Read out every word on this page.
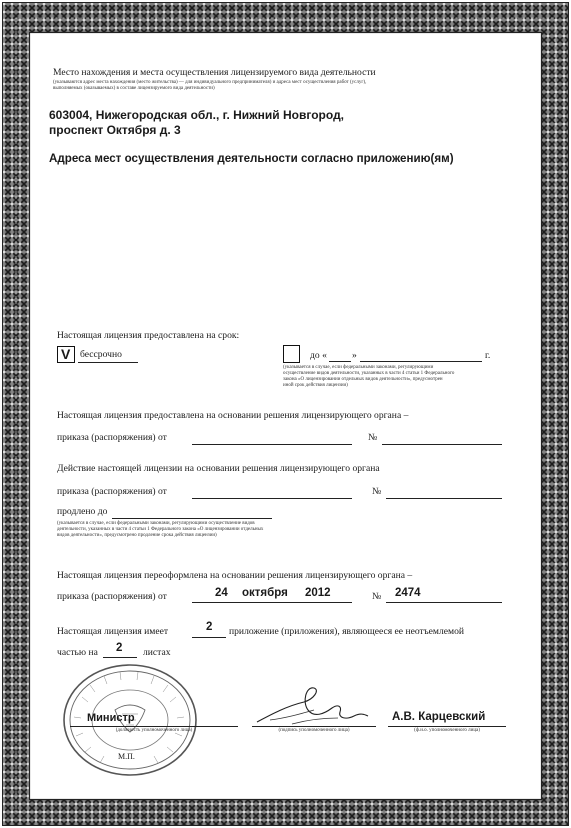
Место нахождения и места осуществления лицензируемого вида деятельности
(указываются адрес места нахождения (место жительства) — для индивидуального предпринимателя) и адреса мест осуществления работ (услуг),
выполняемых (оказываемых) в составе лицензируемого вида деятельности)
603004, Нижегородская обл., г. Нижний Новгород,
проспект Октября д. 3
Адреса мест осуществления деятельности согласно приложению(ям)
Настоящая лицензия предоставлена на срок:
V бессрочно	до «	»	г.
(указывается в случае, если федеральными законами, регулирующими
осуществление видов деятельности, указанных в части 4 статьи 1 Федерального
закона «О лицензировании отдельных видов деятельности», предусмотрен
иной срок действия лицензии)
Настоящая лицензия предоставлена на основании решения лицензирующего органа –
приказа (распоряжения) от	№
Действие настоящей лицензии на основании решения лицензирующего органа
приказа (распоряжения) от	№
продлено до
(указывается в случае, если федеральными законами, регулирующими осуществление видов
деятельности, указанных в части 4 статьи 1 Федерального закона «О лицензировании отдельных
видов деятельности», предусмотрено продление срока действия лицензии)
Настоящая лицензия переоформлена на основании решения лицензирующего органа –
приказа (распоряжения) от	24 октября 2012	№ 2474
Настоящая лицензия имеет	2 приложение (приложения), являющееся ее неотъемлемой
частью на 2 листах
Министр
(должность уполномоченного лица)	(подпись уполномоченного лица)
А.В. Карцевский
(ф.и.о. уполномоченного лица)
М.П.
